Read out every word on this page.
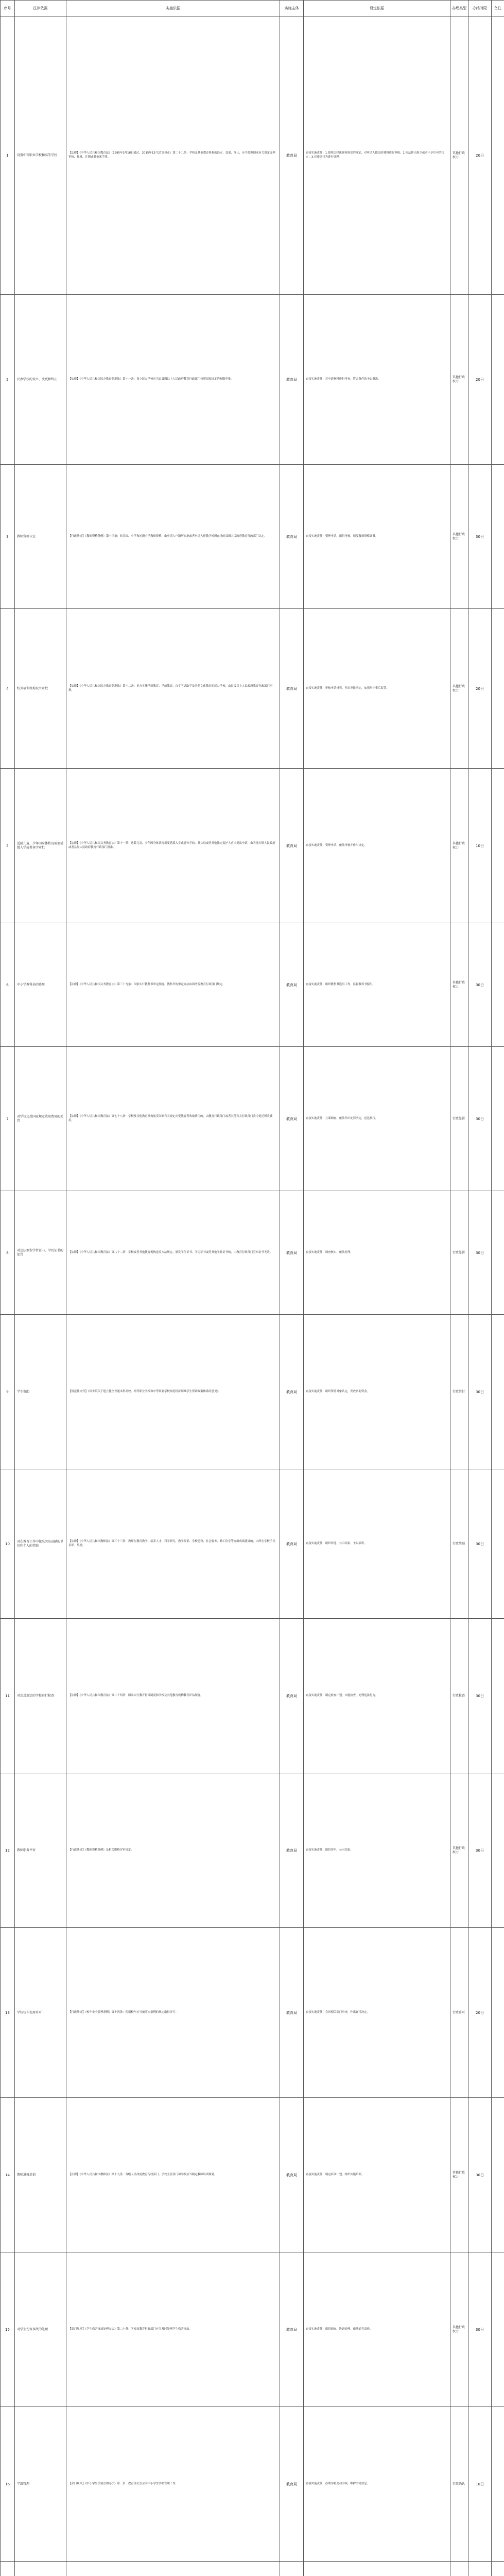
序号	法律依据	实施依据	实施主体	设定依据	办理类型	办结时限	备注

1	设置中等职业学校和高等学校	【法律】《中华人民共和国教育法》（1995年3月18日通过，2015年12月27日修正）第二十九条：学校及其他教育机构的设立、变更、终止，应当按照国家有关规定办理审核、批准、注册或者备案手续。	教育局	直接实施责任：1.按照法律法规和规章的规定，对申请人提交的材料进行审核；2.依法作出准予或者不予许可的决定；3.对违法行为进行处理。	其他行政权力	20日	

2	民办学校的设立、变更和终止	【法律】《中华人民共和国民办教育促进法》第十一条：设立民办学校应当由县级以上人民政府教育行政部门按照国家规定的权限审批。	教育局	直接实施责任：对申请材料进行审查，符合条件的予以批准。	其他行政权力	20日	

3	教师资格认定	【行政法规】《教师资格条例》第十三条：幼儿园、小学和初级中学教师资格，由申请人户籍所在地或者申请人任教学校所在地的县级人民政府教育行政部门认定。	教育局	直接实施责任：受理申请，组织审核，颁发教师资格证书。	其他行政权力	30日	

4	校外培训机构设立审批	【法律】《中华人民共和国民办教育促进法》第十二条：举办实施学历教育、学前教育、自学考试助学及其他文化教育的民办学校，由县级以上人民政府教育行政部门审批。	教育局	直接实施责任：审核申请材料，作出审批决定，加强事中事后监管。	其他行政权力	20日	

5	适龄儿童、少年因身体状况需要延缓入学或者休学审批	【法律】《中华人民共和国义务教育法》第十一条：适龄儿童、少年因身体状况需要延缓入学或者休学的，其父母或者其他法定监护人应当提出申请，由当地乡镇人民政府或者县级人民政府教育行政部门批准。	教育局	直接实施责任：受理申请，依法审核并作出决定。	其他行政权力	10日	

6	中小学教科书的选用	【法律】《中华人民共和国义务教育法》第三十九条：国家实行教科书审定制度。教科书的审定办法由国务院教育行政部门规定。	教育局	直接实施责任：组织教科书选用工作，监督教科书使用。	其他行政权力	30日	

7	对学校违反国家规定收取费用的处罚	【法律】《中华人民共和国教育法》第七十八条：学校及其他教育机构违反国家有关规定向受教育者收取费用的，由教育行政部门或者其他有关行政部门责令退还所收费用。	教育局	直接实施责任：立案调查，依法作出处罚决定，送达执行。	行政处罚	30日	

8	对违法颁发学位证书、学历证书的处罚	【法律】《中华人民共和国教育法》第八十二条：学校或者其他教育机构违反本法规定，颁发学位证书、学历证书或者其他学业证书的，由教育行政部门宣布证书无效。	教育局	直接实施责任：调查核实，依法处理。	行政处罚	30日	

9	学生资助	【规范性文件】《国务院关于建立健全普通本科高校、高等职业学校和中等职业学校家庭经济困难学生资助政策体系的意见》。	教育局	直接实施责任：组织资助对象认定，发放资助资金。	行政给付	30日	

10	对在教育工作中做出突出贡献的单位和个人的奖励	【法律】《中华人民共和国教师法》第三十三条：教师在教育教学、培养人才、科学研究、教学改革、学校建设、社会服务、勤工俭学等方面成绩优异的，由所在学校予以表彰、奖励。	教育局	直接实施责任：组织评选，公示结果，予以表彰。	行政奖励	30日	

11	对违反规定的学校进行检查	【法律】《中华人民共和国教育法》第二十四条：国家实行教育督导制度和学校及其他教育机构教育评估制度。	教育局	直接实施责任：制定检查计划，实施检查，处理违法行为。	行政检查	30日	

12	教师职务评审	【行政法规】《教师资格条例》及相关职称评审规定。	教育局	直接实施责任：组织评审，公示结果。	其他行政权力	30日	

13	学校校车使用许可	【行政法规】《校车安全管理条例》第十四条：使用校车应当依照本条例的规定取得许可。	教育局	直接实施责任：会同相关部门审查，作出许可决定。	行政许可	20日	

14	教师进修培训	【法律】《中华人民共和国教师法》第十九条：各级人民政府教育行政部门、学校主管部门和学校应当制定教师培训规划。	教育局	直接实施责任：制定培训计划，组织实施培训。	其他行政权力	30日	

15	对学生伤害事故的处理	【部门规章】《学生伤害事故处理办法》第二十条：学校及教育行政部门应当及时处理学生伤害事故。	教育局	直接实施责任：组织调查，协调处理，依法追究责任。	其他行政权力	30日	

16	学籍管理	【部门规章】《中小学生学籍管理办法》第三条：教育部主管全国中小学生学籍管理工作。	教育局	直接实施责任：办理学籍变动手续，维护学籍信息。	行政确认	10日	
